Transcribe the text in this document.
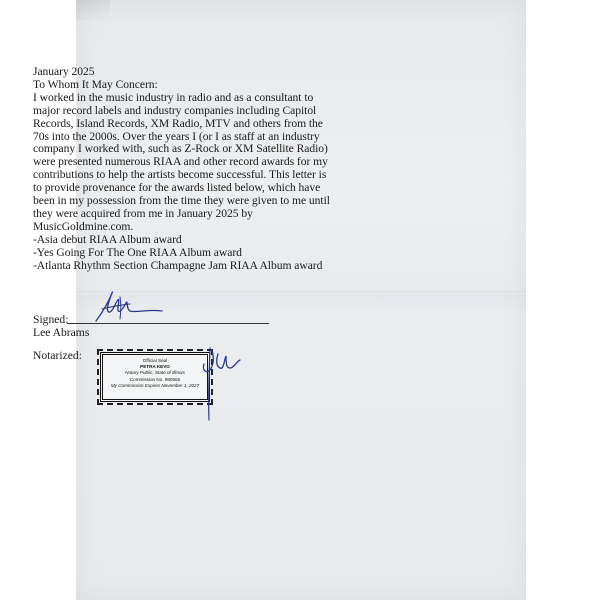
January 2025
To Whom It May Concern:
I worked in the music industry in radio and as a consultant to
major record labels and industry companies including Capitol
Records, Island Records, XM Radio, MTV and others from the
70s into the 2000s. Over the years I (or I as staff at an industry
company I worked with, such as Z-Rock or XM Satellite Radio)
were presented numerous RIAA and other record awards for my
contributions to help the artists become successful. This letter is
to provide provenance for the awards listed below, which have
been in my possession from the time they were given to me until
they were acquired from me in January 2025 by
MusicGoldmine.com.
-Asia debut RIAA Album award
-Yes Going For The One RIAA Album award
-Atlanta Rhythm Section Champagne Jam RIAA Album award
Signed:
Lee Abrams
Notarized:	Official Seal
PETRA KEVO
Notary Public, State of Illinois
Commission No. 980565
My Commission Expires November 1, 2027
